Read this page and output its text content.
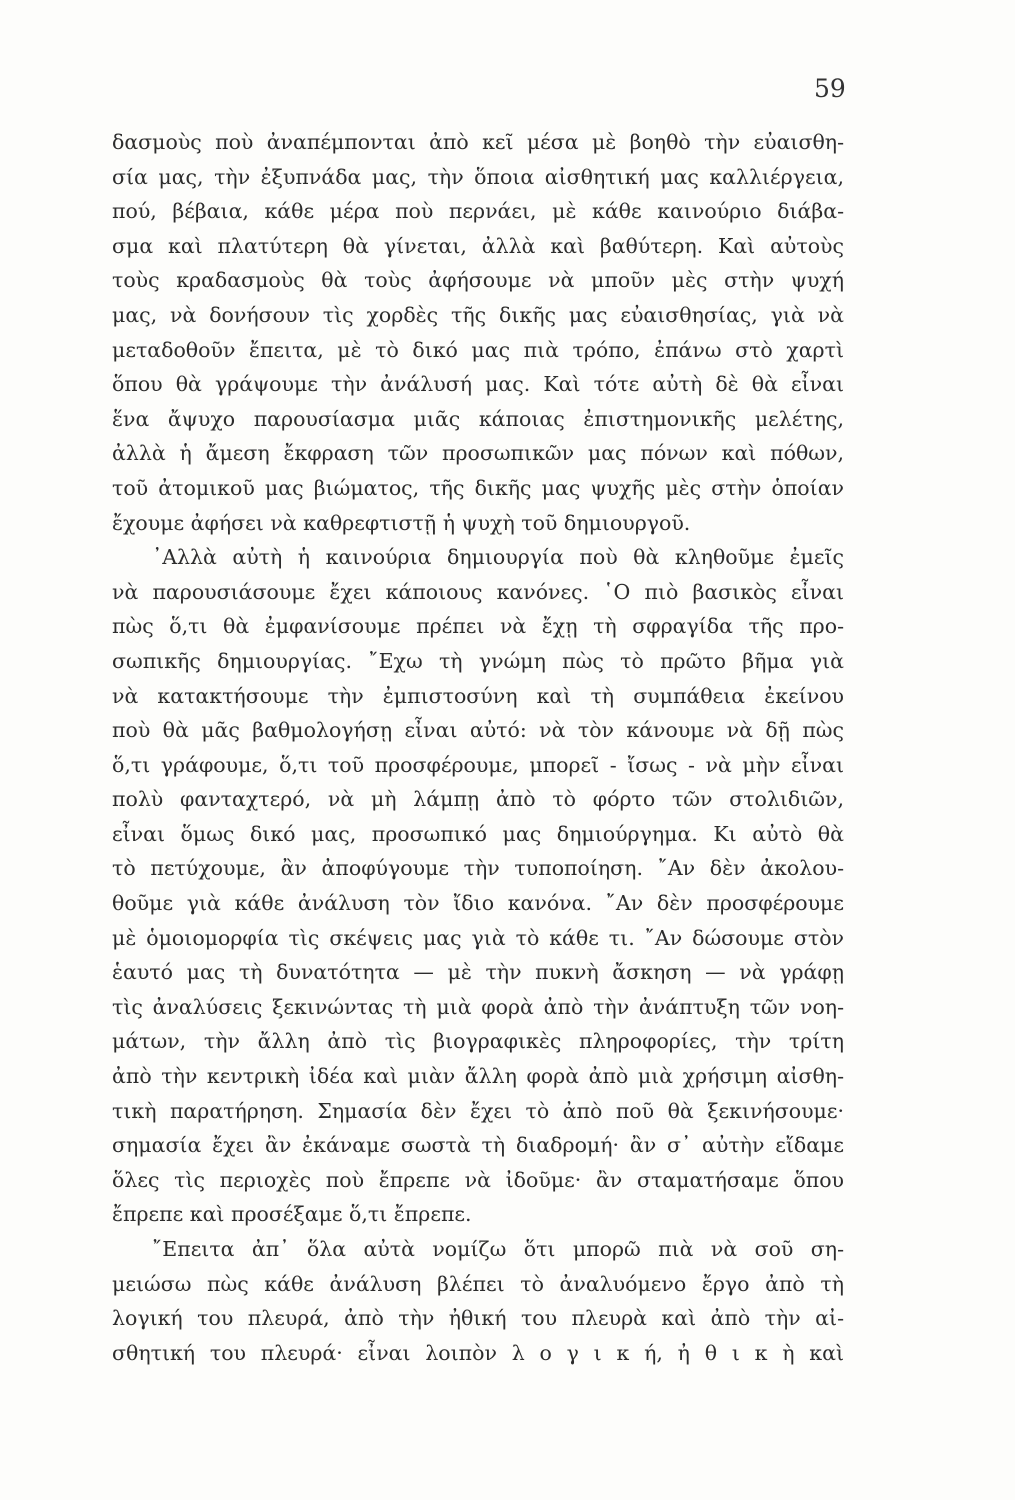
59
δασμοὺς ποὺ ἀναπέμπονται ἀπὸ κεῖ μέσα μὲ βοηθὸ τὴν εὐαισθη-
σία μας, τὴν ἐξυπνάδα μας, τὴν ὅποια αἰσθητική μας καλλιέργεια,
πού, βέβαια, κάθε μέρα ποὺ περνάει, μὲ κάθε καινούριο διάβα-
σμα καὶ πλατύτερη θὰ γίνεται, ἀλλὰ καὶ βαθύτερη. Καὶ αὐτοὺς
τοὺς κραδασμοὺς θὰ τοὺς ἀφήσουμε νὰ μποῦν μὲς στὴν ψυχή
μας, νὰ δονήσουν τὶς χορδὲς τῆς δικῆς μας εὐαισθησίας, γιὰ νὰ
μεταδοθοῦν ἔπειτα, μὲ τὸ δικό μας πιὰ τρόπο, ἐπάνω στὸ χαρτὶ
ὅπου θὰ γράψουμε τὴν ἀνάλυσή μας. Καὶ τότε αὐτὴ δὲ θὰ εἶναι
ἕνα ἄψυχο παρουσίασμα μιᾶς κάποιας ἐπιστημονικῆς μελέτης,
ἀλλὰ ἡ ἄμεση ἔκφραση τῶν προσωπικῶν μας πόνων καὶ πόθων,
τοῦ ἀτομικοῦ μας βιώματος, τῆς δικῆς μας ψυχῆς μὲς στὴν ὁποίαν
ἔχουμε ἀφήσει νὰ καθρεφτιστῇ ἡ ψυχὴ τοῦ δημιουργοῦ.
᾿Αλλὰ αὐτὴ ἡ καινούρια δημιουργία ποὺ θὰ κληθοῦμε ἐμεῖς
νὰ παρουσιάσουμε ἔχει κάποιους κανόνες. ῾Ο πιὸ βασικὸς εἶναι
πὼς ὅ,τι θὰ ἐμφανίσουμε πρέπει νὰ ἔχῃ τὴ σφραγίδα τῆς προ-
σωπικῆς δημιουργίας. ῎Εχω τὴ γνώμη πὼς τὸ πρῶτο βῆμα γιὰ
νὰ κατακτήσουμε τὴν ἐμπιστοσύνη καὶ τὴ συμπάθεια ἐκείνου
ποὺ θὰ μᾶς βαθμολογήσῃ εἶναι αὐτό: νὰ τὸν κάνουμε νὰ δῇ πὼς
ὅ,τι γράφουμε, ὅ,τι τοῦ προσφέρουμε, μπορεῖ - ἴσως - νὰ μὴν εἶναι
πολὺ φανταχτερό, νὰ μὴ λάμπῃ ἀπὸ τὸ φόρτο τῶν στολιδιῶν,
εἶναι ὅμως δικό μας, προσωπικό μας δημιούργημα. Κι αὐτὸ θὰ
τὸ πετύχουμε, ἂν ἀποφύγουμε τὴν τυποποίηση. ῎Αν δὲν ἀκολου-
θοῦμε γιὰ κάθε ἀνάλυση τὸν ἴδιο κανόνα. ῎Αν δὲν προσφέρουμε
μὲ ὁμοιομορφία τὶς σκέψεις μας γιὰ τὸ κάθε τι. ῎Αν δώσουμε στὸν
ἑαυτό μας τὴ δυνατότητα — μὲ τὴν πυκνὴ ἄσκηση — νὰ γράφῃ
τὶς ἀναλύσεις ξεκινώντας τὴ μιὰ φορὰ ἀπὸ τὴν ἀνάπτυξη τῶν νοη-
μάτων, τὴν ἄλλη ἀπὸ τὶς βιογραφικὲς πληροφορίες, τὴν τρίτη
ἀπὸ τὴν κεντρικὴ ἰδέα καὶ μιὰν ἄλλη φορὰ ἀπὸ μιὰ χρήσιμη αἰσθη-
τικὴ παρατήρηση. Σημασία δὲν ἔχει τὸ ἀπὸ ποῦ θὰ ξεκινήσουμε·
σημασία ἔχει ἂν ἐκάναμε σωστὰ τὴ διαδρομή· ἂν σ᾿ αὐτὴν εἴδαμε
ὅλες τὶς περιοχὲς ποὺ ἔπρεπε νὰ ἰδοῦμε· ἂν σταματήσαμε ὅπου
ἔπρεπε καὶ προσέξαμε ὅ,τι ἔπρεπε.
῎Επειτα ἀπ᾿ ὅλα αὐτὰ νομίζω ὅτι μπορῶ πιὰ νὰ σοῦ ση-
μειώσω πὼς κάθε ἀνάλυση βλέπει τὸ ἀναλυόμενο ἔργο ἀπὸ τὴ
λογική του πλευρά, ἀπὸ τὴν ἠθική του πλευρὰ καὶ ἀπὸ τὴν αἰ-
σθητική του πλευρά· εἶναι λοιπὸν λ ο γ ι κ ή, ἠ θ ι κ ὴ καὶ
